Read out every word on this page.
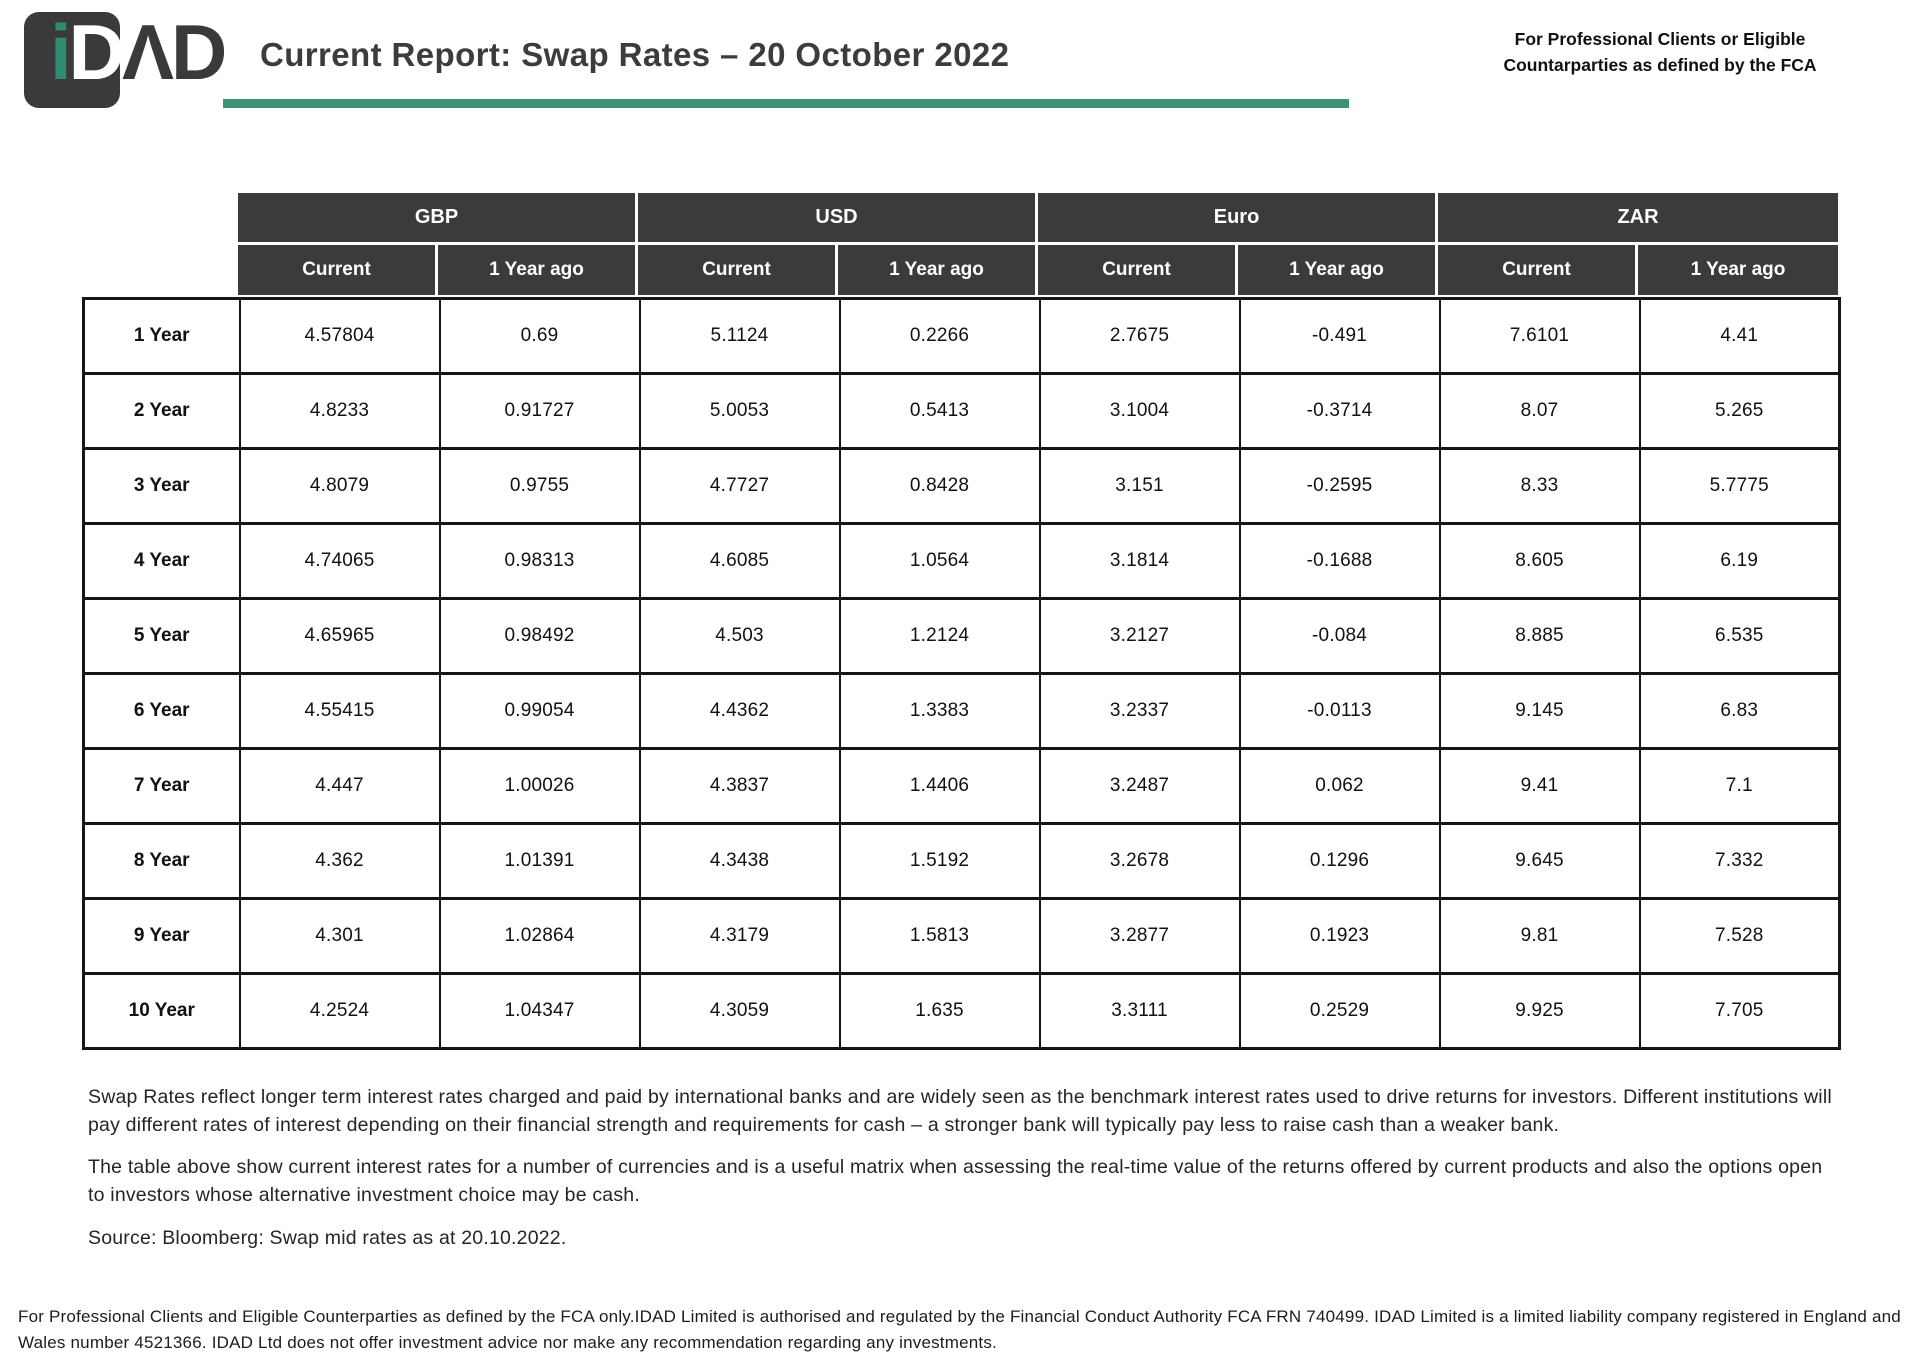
iDΛD Current Report: Swap Rates – 20 October 2022	For Professional Clients or Eligible
Countarparties as defined by the FCA
	GBP		USD		Euro		ZAR	
	Current	1 Year ago	Current	1 Year ago	Current	1 Year ago	Current	1 Year ago
1 Year	4.57804	0.69	5.1124	0.2266	2.7675	-0.491	7.6101	4.41
2 Year	4.8233	0.91727	5.0053	0.5413	3.1004	-0.3714	8.07	5.265
3 Year	4.8079	0.9755	4.7727	0.8428	3.151	-0.2595	8.33	5.7775
4 Year	4.74065	0.98313	4.6085	1.0564	3.1814	-0.1688	8.605	6.19
5 Year	4.65965	0.98492	4.503	1.2124	3.2127	-0.084	8.885	6.535
6 Year	4.55415	0.99054	4.4362	1.3383	3.2337	-0.0113	9.145	6.83
7 Year	4.447	1.00026	4.3837	1.4406	3.2487	0.062	9.41	7.1
8 Year	4.362	1.01391	4.3438	1.5192	3.2678	0.1296	9.645	7.332
9 Year	4.301	1.02864	4.3179	1.5813	3.2877	0.1923	9.81	7.528
10 Year	4.2524	1.04347	4.3059	1.635	3.3111	0.2529	9.925	7.705

Swap Rates reflect longer term interest rates charged and paid by international banks and are widely seen as the benchmark interest rates used to drive returns for investors. Different institutions will pay different rates of interest depending on their financial strength and requirements for cash – a stronger bank will typically pay less to raise cash than a weaker bank.

The table above show current interest rates for a number of currencies and is a useful matrix when assessing the real-time value of the returns offered by current products and also the options open to investors whose alternative investment choice may be cash.

Source: Bloomberg: Swap mid rates as at 20.10.2022.

For Professional Clients and Eligible Counterparties as defined by the FCA only.IDAD Limited is authorised and regulated by the Financial Conduct Authority FCA FRN 740499. IDAD Limited is a limited liability company registered in England and Wales number 4521366. IDAD Ltd does not offer investment advice nor make any recommendation regarding any investments.
